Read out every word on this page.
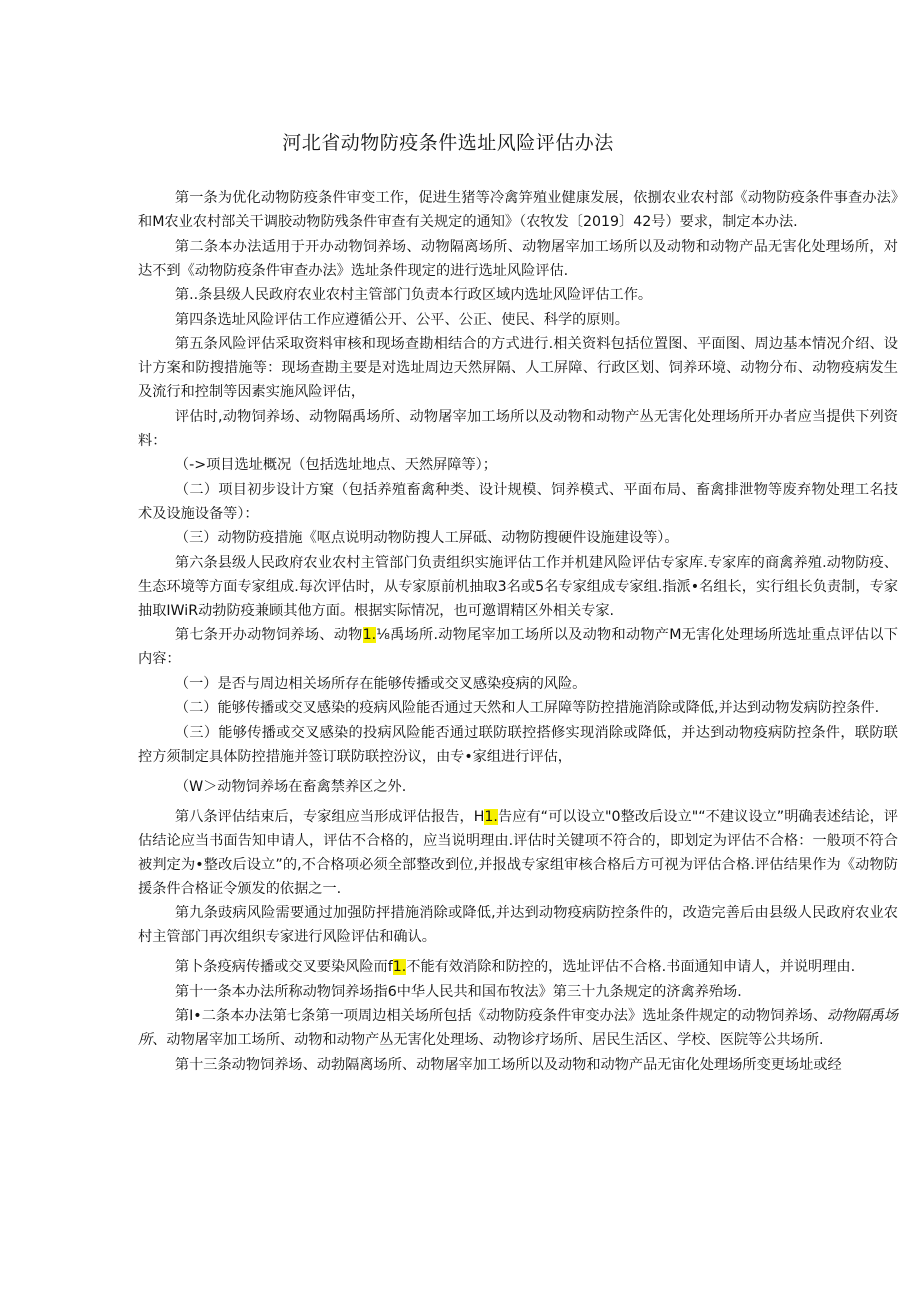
河北省动物防疫条件选址风险评估办法

第一条为优化动物防疫条件审变工作，促进生猪等冷禽笄殖业健康发展，依捌农业农村部《动物防疫条件事查办法》和M农业农村部关干调胶动物防残条件审查有关规定的通知》（农牧发〔2019〕42号）要求，制定本办法.

第二条本办法适用于开办动物饲养场、动物隔离场所、动物屠宰加工场所以及动物和动物产品无害化处理场所，对达不到《动物防疫条件审查办法》选址条件现定的进行选址风险评估.

第..条县级人民政府农业农村主管部门负责本行政区域内选址风险评估工作。

第四条选址风险评估工作应遵循公开、公平、公正、使民、科学的原则。

第五条风险评估采取资料审核和现场查勘相结合的方式进行.相关资料包括位置图、平面图、周边基本情况介绍、设计方案和防搜措施等：现场查勘主要是对选址周边天然屏隔、人工屏障、行政区划、饲养环境、动物分布、动物疫病发生及流行和控制等因素实施风险评估，

评估时,动物饲养场、动物隔禹场所、动物屠宰加工场所以及动物和动物产丛无害化处理场所开办者应当提供下列资料：

（->项目选址概况（包括选址地点、天然屏障等）；

（二）项目初步设计方窠（包括养殖畜禽种类、设计规模、饲养模式、平面布局、畜禽排泄物等废弃物处理工名技术及设施设备等）：

（三）动物防疫措施《呕点说明动物防搜人工屏砥、动物防搜硬件设施建设等）。

第六条县级人民政府农业农村主管部门负责组织实施评估工作并机建风险评估专家库.专家库的商禽养殖.动物防疫、生态环境等方面专家组成.每次评估时，从专家原前机抽取3名或5名专家组成专家组.指派•名组长，实行组长负责制，专家抽取IWiR动勃防疫兼顾其他方面。根据实际情况，也可邀谓精区外相关专家.

第七条开办动物饲养场、动物1.⅛禹场所.动物尾宰加工场所以及动物和动物产M无害化处理场所选址重点评估以下内容：

（一）是否与周边相关场所存在能够传播或交叉感染疫病的风险。

（二）能够传播或交叉感染的疫病风险能否通过天然和人工屏障等防控措施消除或降低,并达到动物发病防控条件.

（三）能够传播或交叉感染的投病风险能否通过联防联控搭修实现消除或降低，并达到动物疫病防控条件，联防联控方须制定具体防控措施并签订联防联控汾议，由专•家组进行评估，

（W＞动物饲养场在畜禽禁养区之外.

第八条评估结束后，专家组应当形成评估报告，H1.告应有“可以设立"0整改后设立"“不建议设立”明确表述结论，评估结论应当书面告知申请人，评估不合格的，应当说明理由.评估时关键项不符合的，即划定为评估不合格：一般项不符合被判定为•整改后设立”的,不合格项必须全部整改到位,并报战专家组审核合格后方可视为评估合格.评估结果作为《动物防援条件合格证令颁发的依据之一.

第九条豉病风险需要通过加强防抨措施消除或降低,并达到动物疫病防控条件的，改造完善后由县级人民政府农业农村主管部门再次组织专家进行风险评估和确认。

第卜条疫病传播或交叉要染风险而f1.不能有效消除和防控的，选址评估不合格.书面通知申请人，并说明理由.

第十一条本办法所称动物饲养场指6中华人民共和国布牧法》第三十九条规定的济禽养殆场.

第I•二条本办法第七条第一项周边相关场所包括《动物防疫条件审变办法》选址条件规定的动物饲养场、动物隔禹场所、动物屠宰加工场所、动物和动物产丛无害化处理场、动物诊疗场所、居民生活区、学校、医院等公共场所.

第十三条动物饲养场、动勃隔离场所、动物屠宰加工场所以及动物和动物产品无宙化处理场所变更场址或经
